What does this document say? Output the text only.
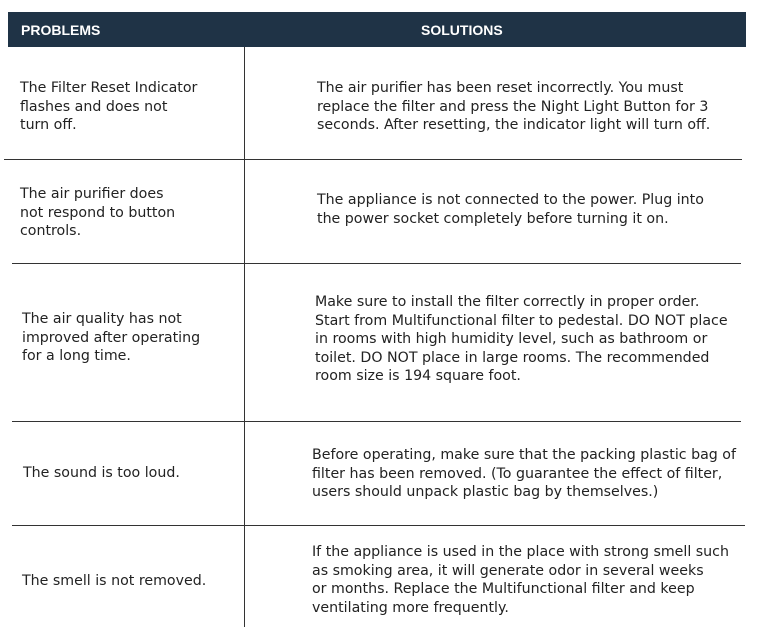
PROBLEMS	SOLUTIONS
The Filter Reset Indicator
flashes and does not
turn off.
The air purifier has been reset incorrectly. You must
replace the filter and press the Night Light Button for 3
seconds. After resetting, the indicator light will turn off.
The air purifier does
not respond to button
controls.
The appliance is not connected to the power. Plug into
the power socket completely before turning it on.
The air quality has not
improved after operating
for a long time.
Make sure to install the filter correctly in proper order.
Start from Multifunctional filter to pedestal. DO NOT place
in rooms with high humidity level, such as bathroom or
toilet. DO NOT place in large rooms. The recommended
room size is 194 square foot.
The sound is too loud.
Before operating, make sure that the packing plastic bag of
filter has been removed. (To guarantee the effect of filter,
users should unpack plastic bag by themselves.)
The smell is not removed.
If the appliance is used in the place with strong smell such
as smoking area, it will generate odor in several weeks
or months. Replace the Multifunctional filter and keep
ventilating more frequently.
